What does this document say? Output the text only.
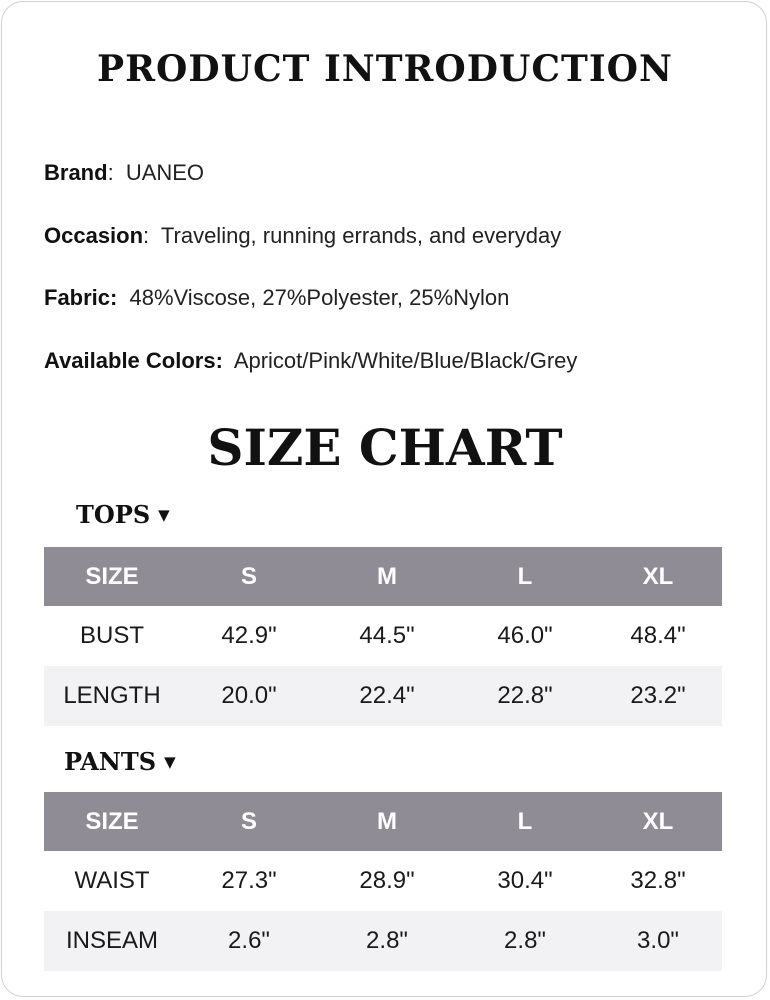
PRODUCT INTRODUCTION
Brand: UANEO
Occasion: Traveling, running errands, and everyday
Fabric: 48%Viscose, 27%Polyester, 25%Nylon
Available Colors: Apricot/Pink/White/Blue/Black/Grey
SIZE CHART
TOPS ▼
SIZE	S	M	L	XL
BUST	42.9"	44.5"	46.0"	48.4"
LENGTH	20.0"	22.4"	22.8"	23.2"
PANTS ▼
SIZE	S	M	L	XL
WAIST	27.3"	28.9"	30.4"	32.8"
INSEAM	2.6"	2.8"	2.8"	3.0"
